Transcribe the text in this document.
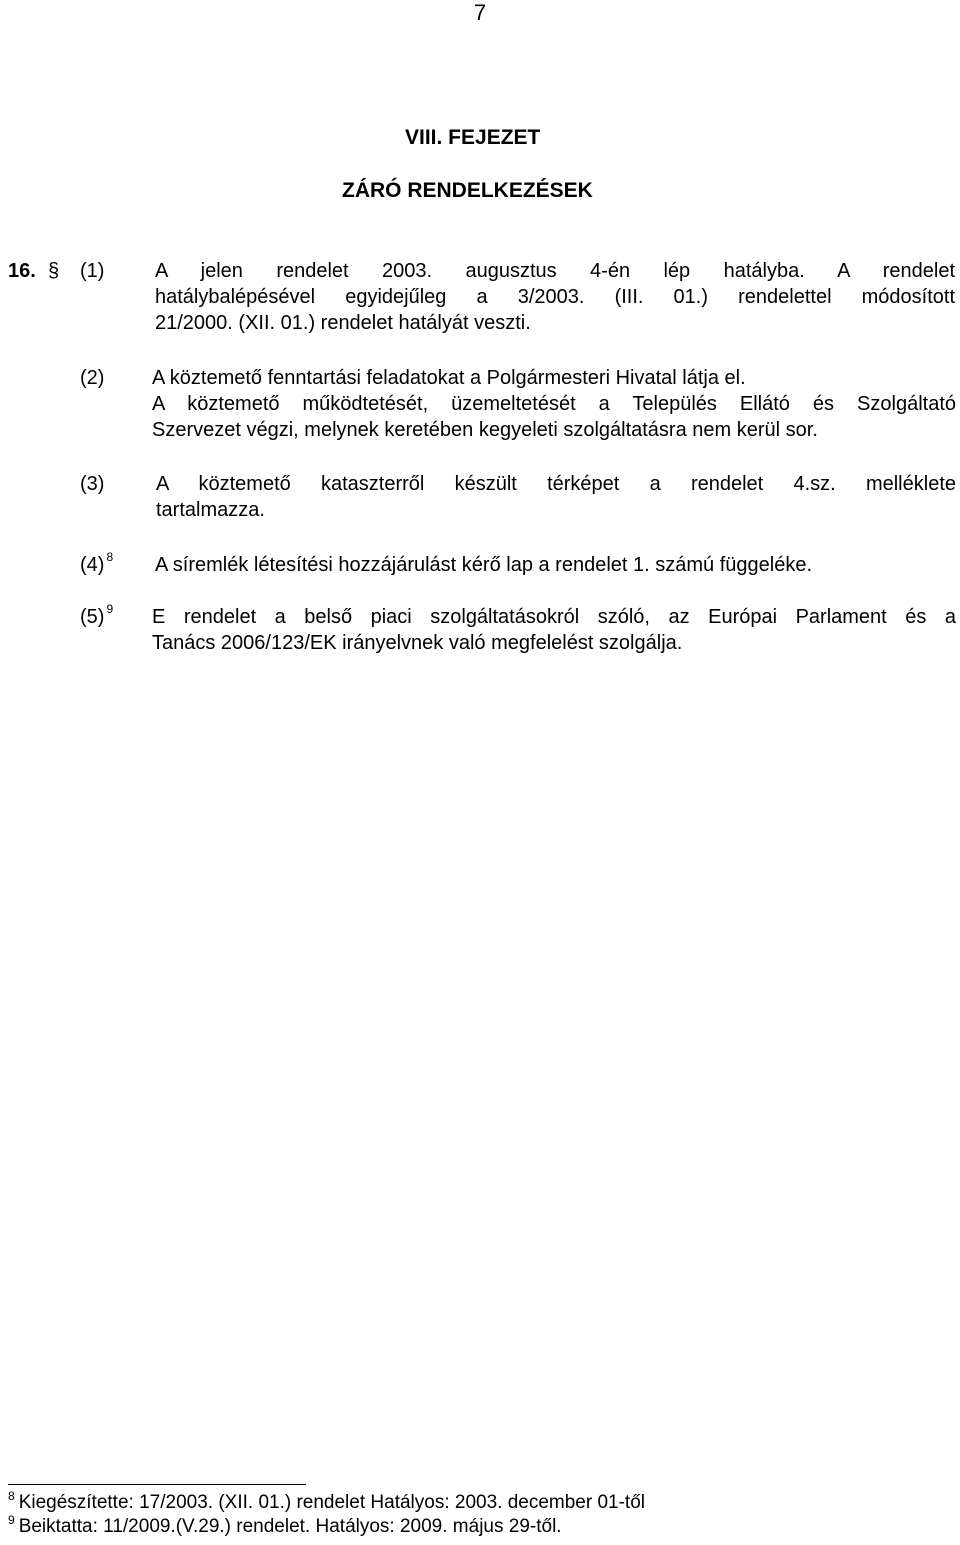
7
VIII. FEJEZET
ZÁRÓ RENDELKEZÉSEK
16. § (1)	A jelen rendelet 2003. augusztus 4-én lép hatályba. A rendelet
hatálybalépésével egyidejűleg a 3/2003. (III. 01.) rendelettel módosított
21/2000. (XII. 01.) rendelet hatályát veszti.
(2) A köztemető fenntartási feladatokat a Polgármesteri Hivatal látja el.
A köztemető működtetését, üzemeltetését a Település Ellátó és Szolgáltató
Szervezet végzi, melynek keretében kegyeleti szolgáltatásra nem kerül sor.
(3)	A köztemető kataszterről készült térképet a rendelet 4.sz. melléklete
tartalmazza.
(4) $^8$ A síremlék létesítési hozzájárulást kérő lap a rendelet 1. számú függeléke.
(5) $^9$ E rendelet a belső piaci szolgáltatásokról szóló, az Európai Parlament és a
Tanács 2006/123/EK irányelvnek való megfelelést szolgálja.
$^8$ Kiegészítette: 17/2003. (XII. 01.) rendelet Hatályos: 2003. december 01-től
$^9$ Beiktatta: 11/2009.(V.29.) rendelet. Hatályos: 2009. május 29-től.
